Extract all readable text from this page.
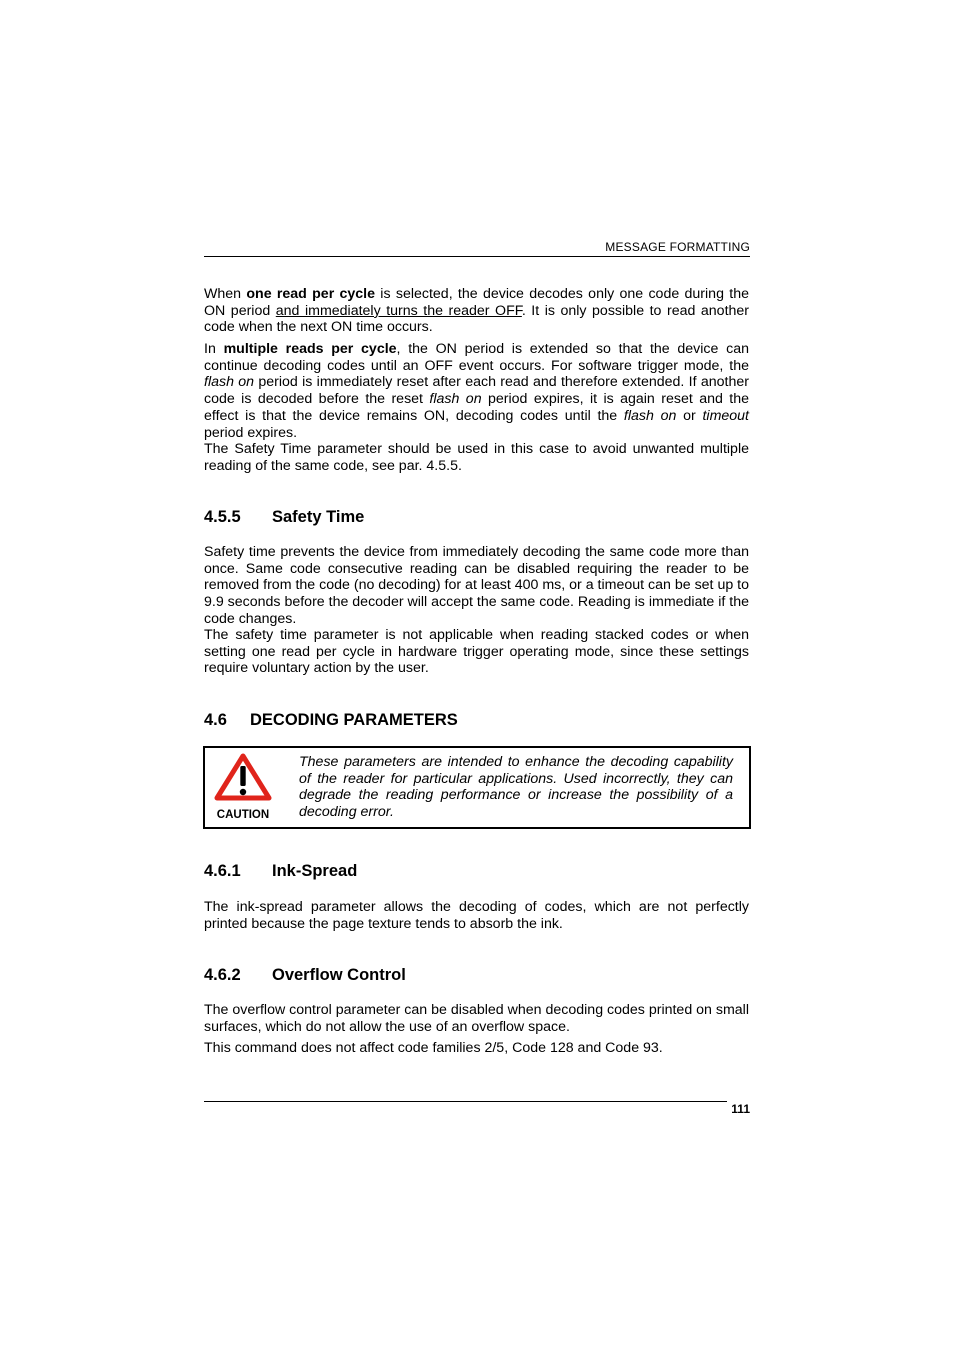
MESSAGE FORMATTING

When one read per cycle is selected, the device decodes only one code during the ON period and immediately turns the reader OFF. It is only possible to read another code when the next ON time occurs.

In multiple reads per cycle, the ON period is extended so that the device can continue decoding codes until an OFF event occurs. For software trigger mode, the flash on period is immediately reset after each read and therefore extended. If another code is decoded before the reset flash on period expires, it is again reset and the effect is that the device remains ON, decoding codes until the flash on or timeout period expires.

The Safety Time parameter should be used in this case to avoid unwanted multiple reading of the same code, see par. 4.5.5.

4.5.5 Safety Time

Safety time prevents the device from immediately decoding the same code more than once. Same code consecutive reading can be disabled requiring the reader to be removed from the code (no decoding) for at least 400 ms, or a timeout can be set up to 9.9 seconds before the decoder will accept the same code. Reading is immediate if the code changes.

The safety time parameter is not applicable when reading stacked codes or when setting one read per cycle in hardware trigger operating mode, since these settings require voluntary action by the user.

4.6 DECODING PARAMETERS
CAUTION

These parameters are intended to enhance the decoding capability of the reader for particular applications. Used incorrectly, they can degrade the reading performance or increase the possibility of a decoding error.

4.6.1 Ink-Spread

The ink-spread parameter allows the decoding of codes, which are not perfectly printed because the page texture tends to absorb the ink.

4.6.2 Overflow Control

The overflow control parameter can be disabled when decoding codes printed on small surfaces, which do not allow the use of an overflow space.

This command does not affect code families 2/5, Code 128 and Code 93.

111
